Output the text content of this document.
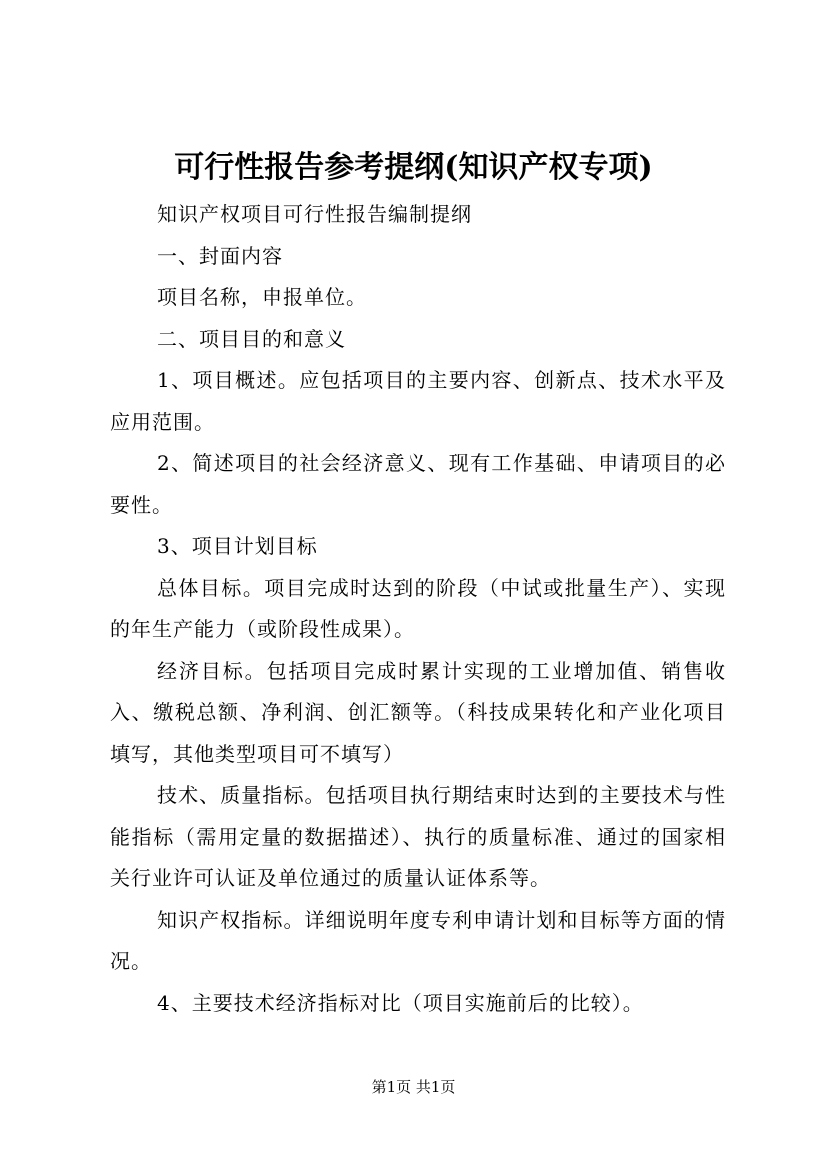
可行性报告参考提纲(知识产权专项)

知识产权项目可行性报告编制提纲

一、封面内容

项目名称，申报单位。

二、项目目的和意义

1、项目概述。应包括项目的主要内容、创新点、技术水平及应用范围。

2、简述项目的社会经济意义、现有工作基础、申请项目的必要性。

3、项目计划目标

总体目标。项目完成时达到的阶段（中试或批量生产）、实现的年生产能力（或阶段性成果）。

经济目标。包括项目完成时累计实现的工业增加值、销售收入、缴税总额、净利润、创汇额等。（科技成果转化和产业化项目填写，其他类型项目可不填写）

技术、质量指标。包括项目执行期结束时达到的主要技术与性能指标（需用定量的数据描述）、执行的质量标准、通过的国家相关行业许可认证及单位通过的质量认证体系等。

知识产权指标。详细说明年度专利申请计划和目标等方面的情况。

4、主要技术经济指标对比（项目实施前后的比较）。

第1页 共1页
